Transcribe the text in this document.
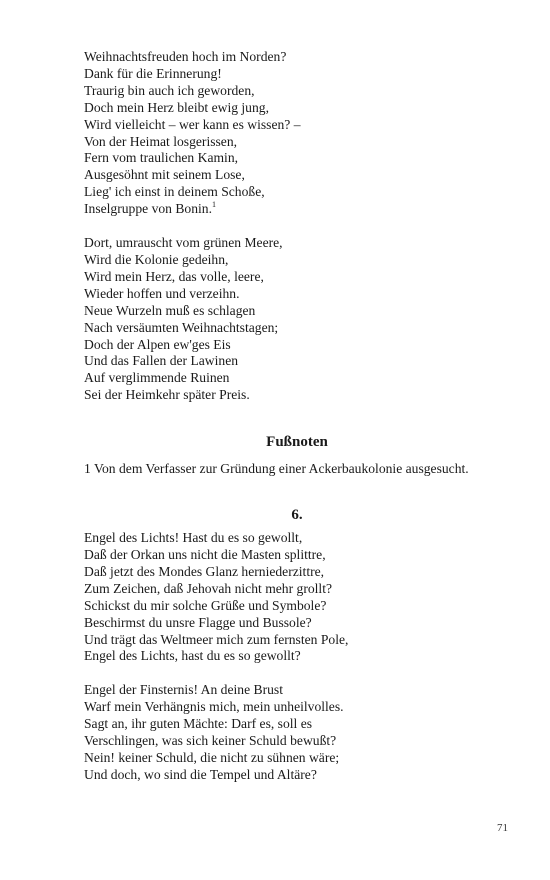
Weihnachtsfreuden hoch im Norden?
Dank für die Erinnerung!
Traurig bin auch ich geworden,
Doch mein Herz bleibt ewig jung,
Wird vielleicht – wer kann es wissen? –
Von der Heimat losgerissen,
Fern vom traulichen Kamin,
Ausgesöhnt mit seinem Lose,
Lieg' ich einst in deinem Schoße,
Inselgruppe von Bonin.$^1$
Dort, umrauscht vom grünen Meere,
Wird die Kolonie gedeihn,
Wird mein Herz, das volle, leere,
Wieder hoffen und verzeihn.
Neue Wurzeln muß es schlagen
Nach versäumten Weihnachtstagen;
Doch der Alpen ew'ges Eis
Und das Fallen der Lawinen
Auf verglimmende Ruinen
Sei der Heimkehr später Preis.
Fußnoten

1 Von dem Verfasser zur Gründung einer Ackerbaukolonie ausgesucht.

6.
Engel des Lichts! Hast du es so gewollt,
Daß der Orkan uns nicht die Masten splittre,
Daß jetzt des Mondes Glanz herniederzittre,
Zum Zeichen, daß Jehovah nicht mehr grollt?
Schickst du mir solche Grüße und Symbole?
Beschirmst du unsre Flagge und Bussole?
Und trägt das Weltmeer mich zum fernsten Pole,
Engel des Lichts, hast du es so gewollt?
Engel der Finsternis! An deine Brust
Warf mein Verhängnis mich, mein unheilvolles.
Sagt an, ihr guten Mächte: Darf es, soll es
Verschlingen, was sich keiner Schuld bewußt?
Nein! keiner Schuld, die nicht zu sühnen wäre;
Und doch, wo sind die Tempel und Altäre?
71
